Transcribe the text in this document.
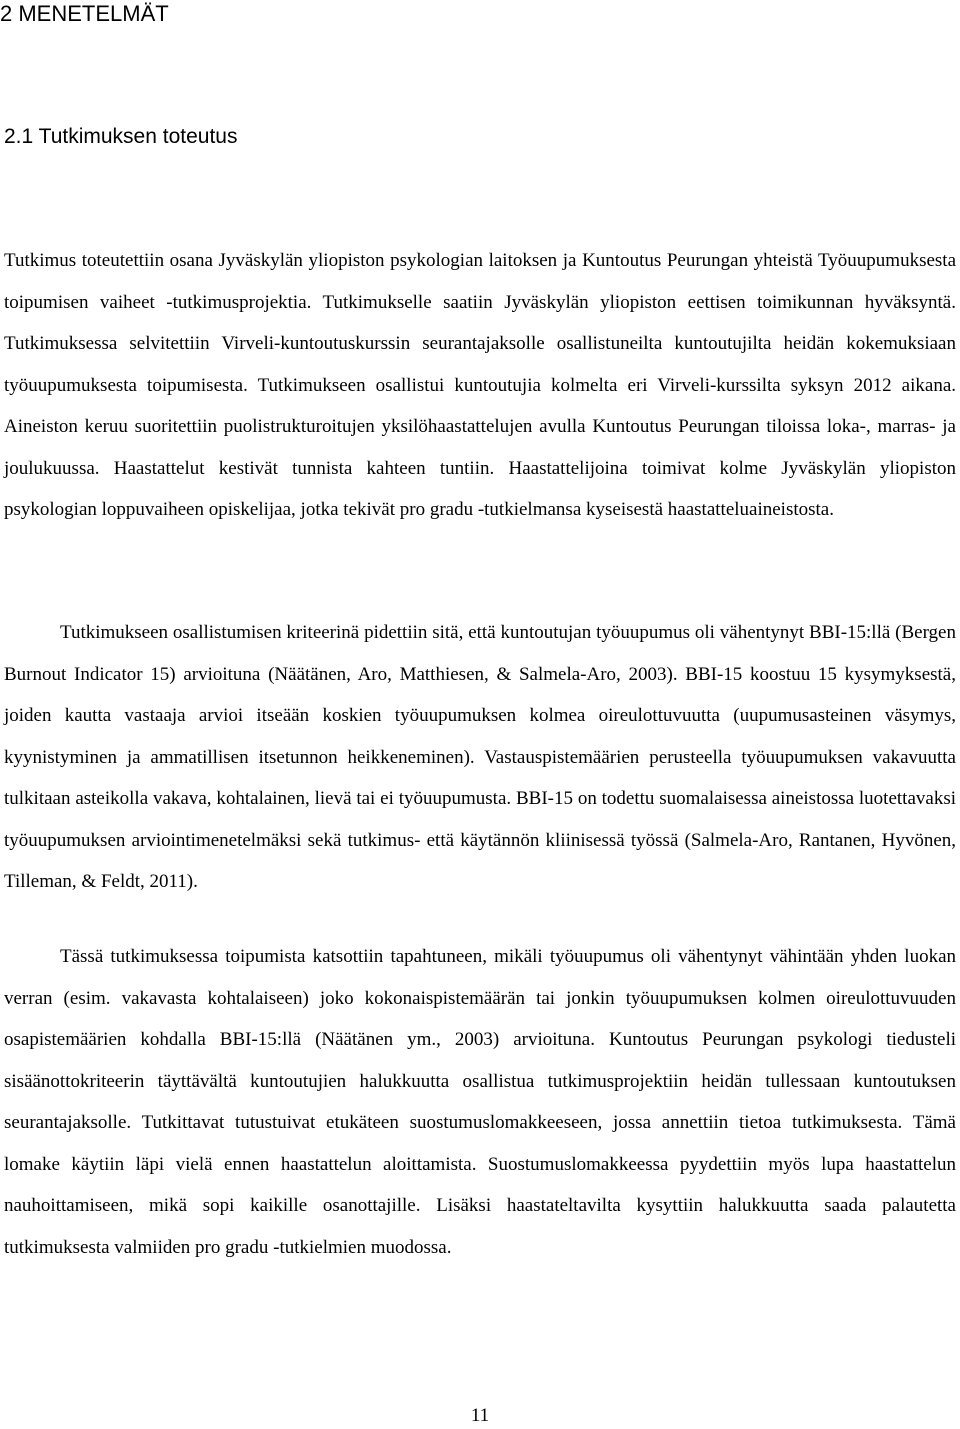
2 MENETELMÄT
2.1 Tutkimuksen toteutus

Tutkimus toteutettiin osana Jyväskylän yliopiston psykologian laitoksen ja Kuntoutus Peurungan yhteistä Työuupumuksesta toipumisen vaiheet -tutkimusprojektia. Tutkimukselle saatiin Jyväskylän yliopiston eettisen toimikunnan hyväksyntä. Tutkimuksessa selvitettiin Virveli-kuntoutuskurssin seurantajaksolle osallistuneilta kuntoutujilta heidän kokemuksiaan työuupumuksesta toipumisesta. Tutkimukseen osallistui kuntoutujia kolmelta eri Virveli-kurssilta syksyn 2012 aikana. Aineiston keruu suoritettiin puolistrukturoitujen yksilöhaastattelujen avulla Kuntoutus Peurungan tiloissa loka-, marras- ja joulukuussa. Haastattelut kestivät tunnista kahteen tuntiin. Haastattelijoina toimivat kolme Jyväskylän yliopiston psykologian loppuvaiheen opiskelijaa, jotka tekivät pro gradu -tutkielmansa kyseisestä haastatteluaineistosta.

Tutkimukseen osallistumisen kriteerinä pidettiin sitä, että kuntoutujan työuupumus oli vähentynyt BBI-15:llä (Bergen Burnout Indicator 15) arvioituna (Näätänen, Aro, Matthiesen, & Salmela-Aro, 2003). BBI-15 koostuu 15 kysymyksestä, joiden kautta vastaaja arvioi itseään koskien työuupumuksen kolmea oireulottuvuutta (uupumusasteinen väsymys, kyynistyminen ja ammatillisen itsetunnon heikkeneminen). Vastauspistemäärien perusteella työuupumuksen vakavuutta tulkitaan asteikolla vakava, kohtalainen, lievä tai ei työuupumusta. BBI-15 on todettu suomalaisessa aineistossa luotettavaksi työuupumuksen arviointimenetelmäksi sekä tutkimus- että käytännön kliinisessä työssä (Salmela-Aro, Rantanen, Hyvönen, Tilleman, & Feldt, 2011).

Tässä tutkimuksessa toipumista katsottiin tapahtuneen, mikäli työuupumus oli vähentynyt vähintään yhden luokan verran (esim. vakavasta kohtalaiseen) joko kokonaispistemäärän tai jonkin työuupumuksen kolmen oireulottuvuuden osapistemäärien kohdalla BBI-15:llä (Näätänen ym., 2003) arvioituna. Kuntoutus Peurungan psykologi tiedusteli sisäänottokriteerin täyttävältä kuntoutujien halukkuutta osallistua tutkimusprojektiin heidän tullessaan kuntoutuksen seurantajaksolle. Tutkittavat tutustuivat etukäteen suostumuslomakkeeseen, jossa annettiin tietoa tutkimuksesta. Tämä lomake käytiin läpi vielä ennen haastattelun aloittamista. Suostumuslomakkeessa pyydettiin myös lupa haastattelun nauhoittamiseen, mikä sopi kaikille osanottajille. Lisäksi haastateltavilta kysyttiin halukkuutta saada palautetta tutkimuksesta valmiiden pro gradu -tutkielmien muodossa.

11
